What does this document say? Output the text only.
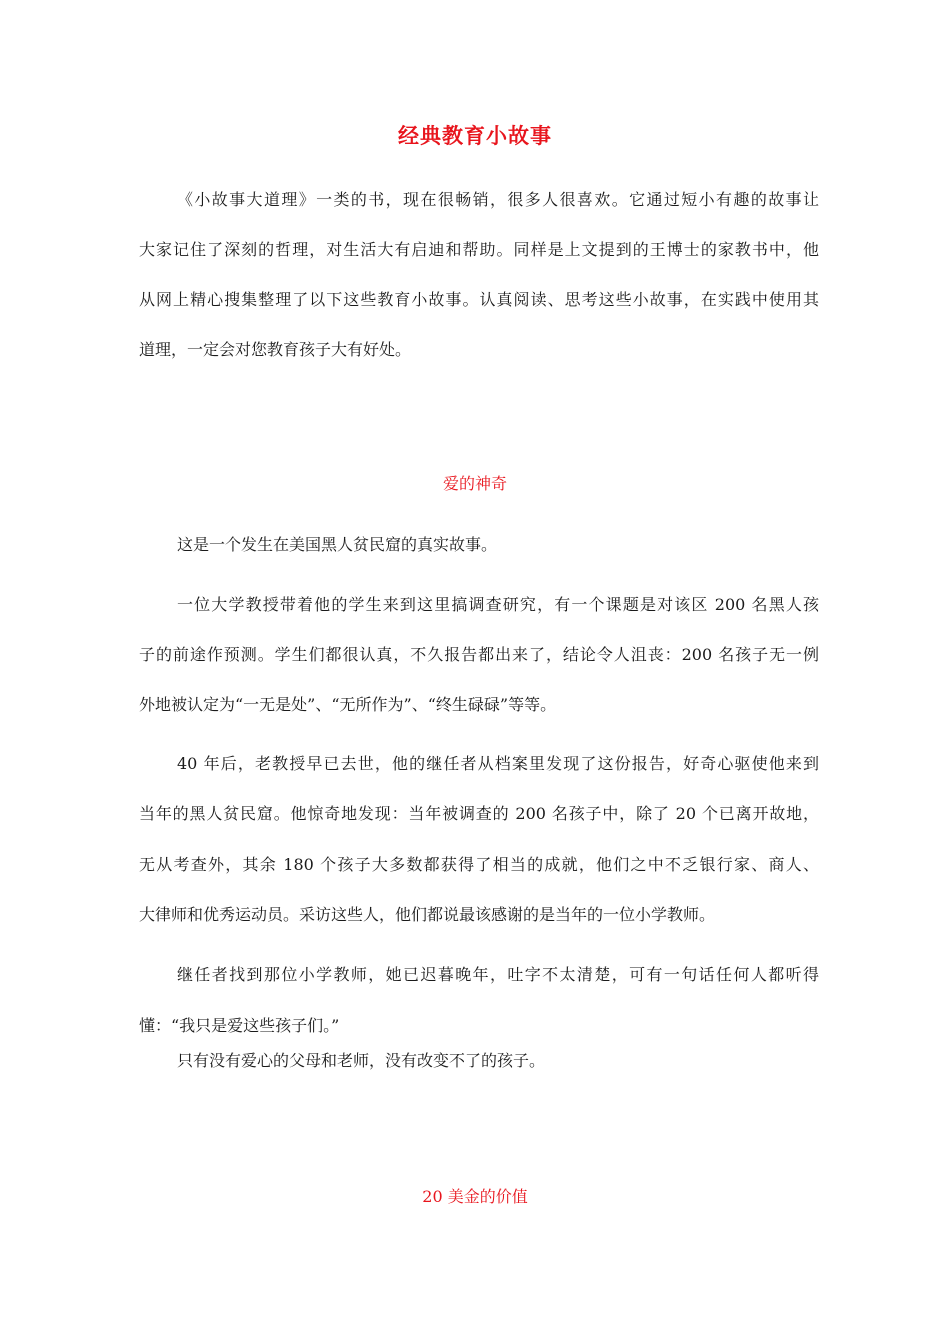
经典教育小故事
《小故事大道理》一类的书，现在很畅销，很多人很喜欢。它通过短小有趣的故事让
大家记住了深刻的哲理，对生活大有启迪和帮助。同样是上文提到的王博士的家教书中，他
从网上精心搜集整理了以下这些教育小故事。认真阅读、思考这些小故事，在实践中使用其
道理，一定会对您教育孩子大有好处。
爱的神奇
这是一个发生在美国黑人贫民窟的真实故事。
一位大学教授带着他的学生来到这里搞调查研究，有一个课题是对该区 200 名黑人孩
子的前途作预测。学生们都很认真，不久报告都出来了，结论令人沮丧：200 名孩子无一例
外地被认定为“一无是处”、“无所作为”、“终生碌碌”等等。
40 年后，老教授早已去世，他的继任者从档案里发现了这份报告，好奇心驱使他来到
当年的黑人贫民窟。他惊奇地发现：当年被调查的 200 名孩子中，除了 20 个已离开故地，
无从考查外，其余 180 个孩子大多数都获得了相当的成就，他们之中不乏银行家、商人、
大律师和优秀运动员。采访这些人，他们都说最该感谢的是当年的一位小学教师。
继任者找到那位小学教师，她已迟暮晚年，吐字不太清楚，可有一句话任何人都听得
懂：“我只是爱这些孩子们。”
只有没有爱心的父母和老师，没有改变不了的孩子。
20 美金的价值
